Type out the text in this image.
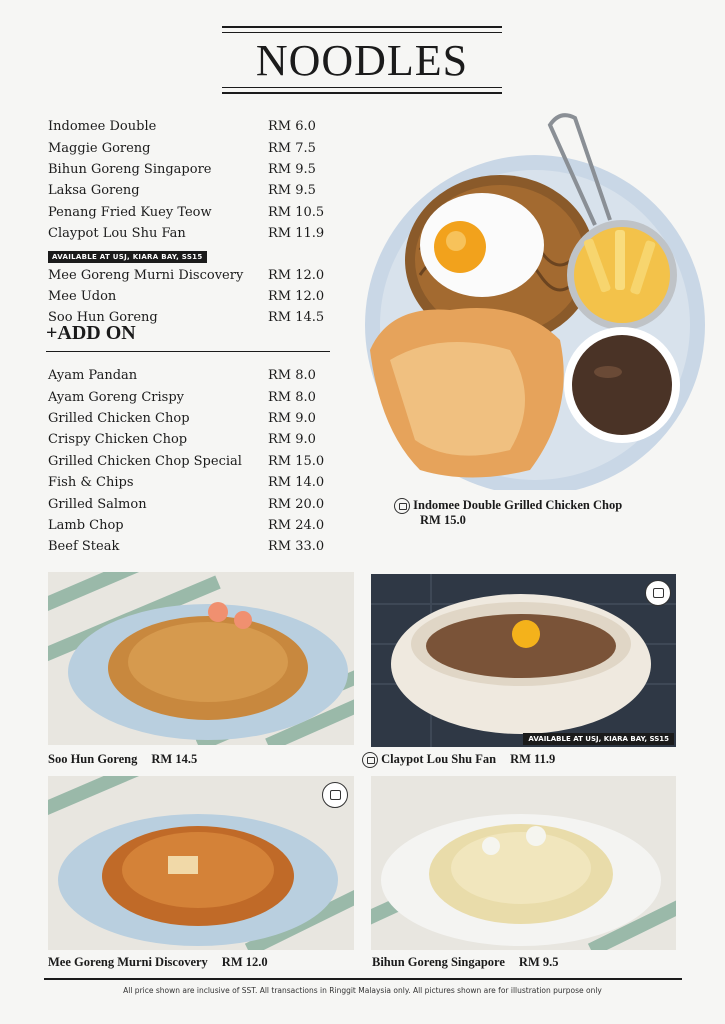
NOODLES
Indomee Double	RM 6.0
Maggie Goreng	RM 7.5
Bihun Goreng Singapore	RM 9.5
Laksa Goreng	RM 9.5
Penang Fried Kuey Teow	RM 10.5
Claypot Lou Shu Fan	RM 11.9
AVAILABLE AT USJ, KIARA BAY, SS15
Mee Goreng Murni Discovery	RM 12.0
Mee Udon	RM 12.0
Soo Hun Goreng	RM 14.5
+ADD ON
Ayam Pandan	RM 8.0
Ayam Goreng Crispy	RM 8.0
Grilled Chicken Chop	RM 9.0
Crispy Chicken Chop	RM 9.0
Grilled Chicken Chop Special	RM 15.0
Fish & Chips	RM 14.0
Grilled Salmon	RM 20.0
Lamb Chop	RM 24.0
Beef Steak	RM 33.0
Indomee Double Grilled Chicken Chop
RM 15.0
Soo Hun Goreng RM 14.5
AVAILABLE AT USJ, KIARA BAY, SS15
Claypot Lou Shu Fan RM 11.9
Mee Goreng Murni Discovery RM 12.0	Bihun Goreng Singapore RM 9.5
All price shown are inclusive of SST. All transactions in Ringgit Malaysia only. All pictures shown are for illustration purpose only
